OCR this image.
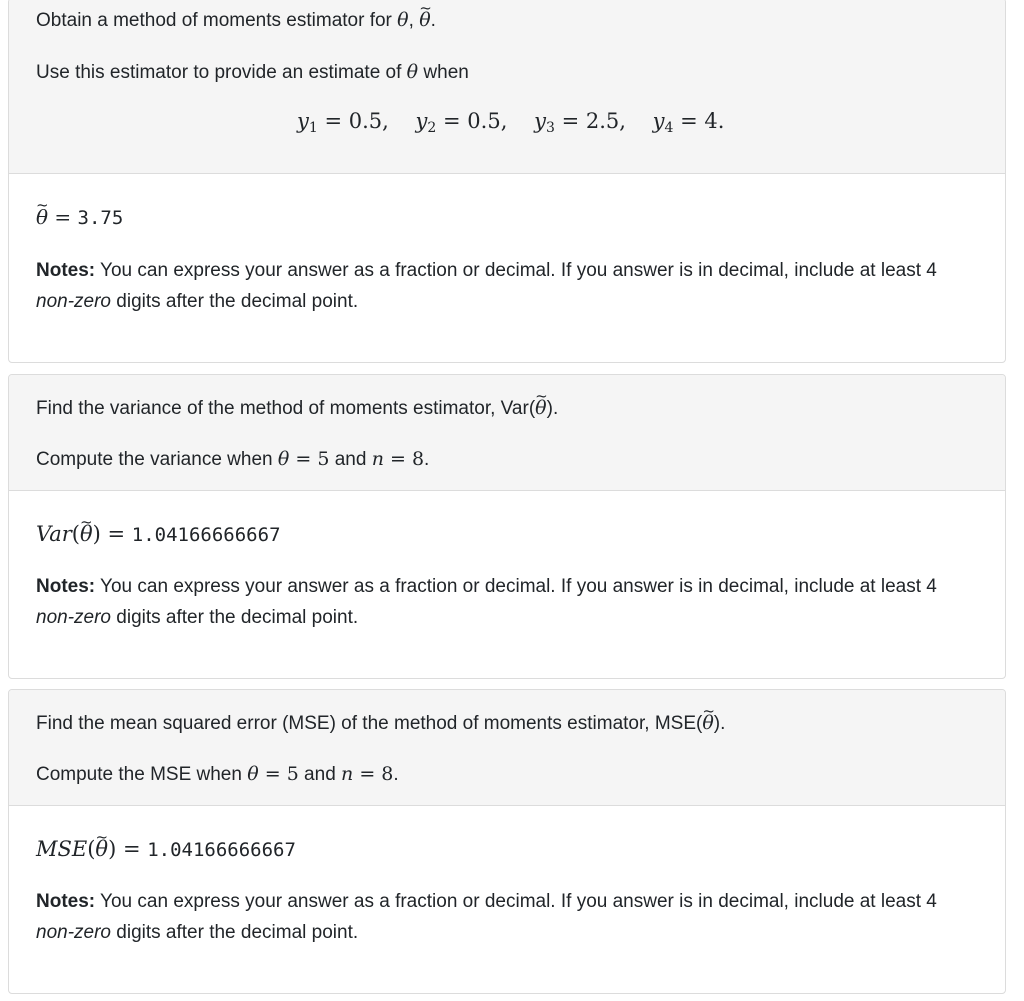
Obtain a method of moments estimator for θ, ~ θ.
Use this estimator to provide an estimate of θ when
$y_1 = 0.5$, $y_2 = 0.5$, $y_3 = 2.5$, $y_4 = 4$.
~ θ = 3.75
Notes: You can express your answer as a fraction or decimal. If you answer is in decimal, include at least 4 non-zero digits after the decimal point.
Find the variance of the method of moments estimator, Var(~ θ).
Compute the variance when θ = 5 and n = 8.
Var(~ θ) = 1.04166666667
Notes: You can express your answer as a fraction or decimal. If you answer is in decimal, include at least 4 non-zero digits after the decimal point.
Find the mean squared error (MSE) of the method of moments estimator, MSE(~ θ).
Compute the MSE when θ = 5 and n = 8.
MSE(~ θ) = 1.04166666667
Notes: You can express your answer as a fraction or decimal. If you answer is in decimal, include at least 4 non-zero digits after the decimal point.
